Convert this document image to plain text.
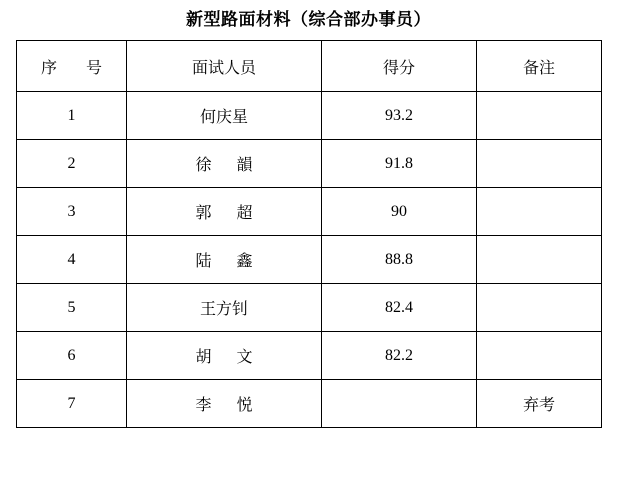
新型路面材料（综合部办事员）
序 号	面试人员	得分	备注
1	何庆星	93.2	
2	徐 韻	91.8	
3	郭 超	90	
4	陆 鑫	88.8	
5	王方钊	82.4	
6	胡 文	82.2	
7	李 悦		弃考
